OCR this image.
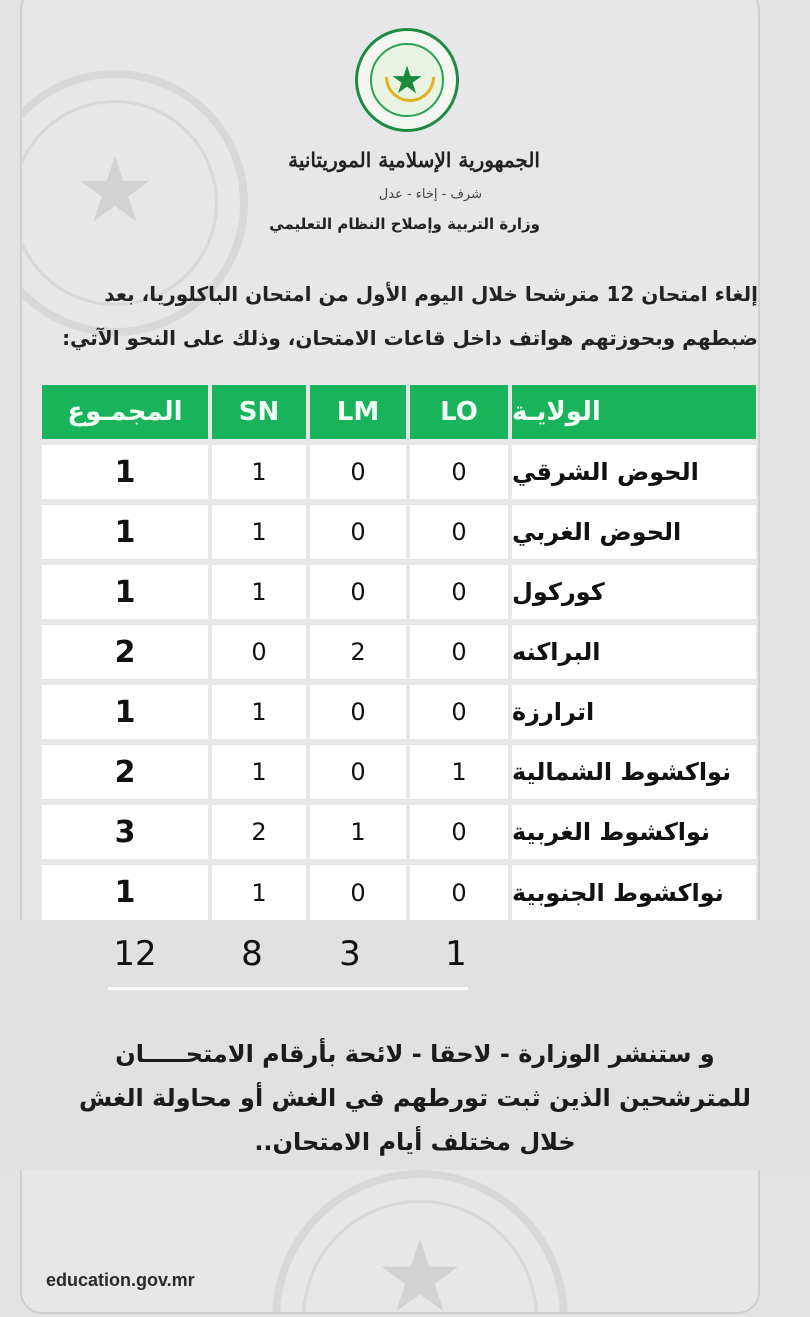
★
★
★
الجمهورية الإسلامية الموريتانية
شرف - إخاء - عدل
وزارة التربية وإصلاح النظام التعليمي
إلغاء امتحان 12 مترشحا خلال اليوم الأول من امتحان الباكلوريا، بعد
ضبطهم وبحوزتهم هواتف داخل قاعات الامتحان، وذلك على النحو الآتي:
المجمـوع	SN	LM	LO	الولايـة
1	1	0	0	الحوض الشرقي
1	1	0	0	الحوض الغربي
1	1	0	0	كوركول
2	0	2	0	البراكنه
1	1	0	0	اترارزة
2	1	0	1	نواكشوط الشمالية
3	2	1	0	نواكشوط الغربية
1	1	0	0	نواكشوط الجنوبية
12 8 3 1
و ستنشر الوزارة - لاحقا - لائحة بأرقام الامتحـــــان
للمترشحين الذين ثبت تورطهم في الغش أو محاولة الغش
خلال مختلف أيام الامتحان..
education.gov.mr
